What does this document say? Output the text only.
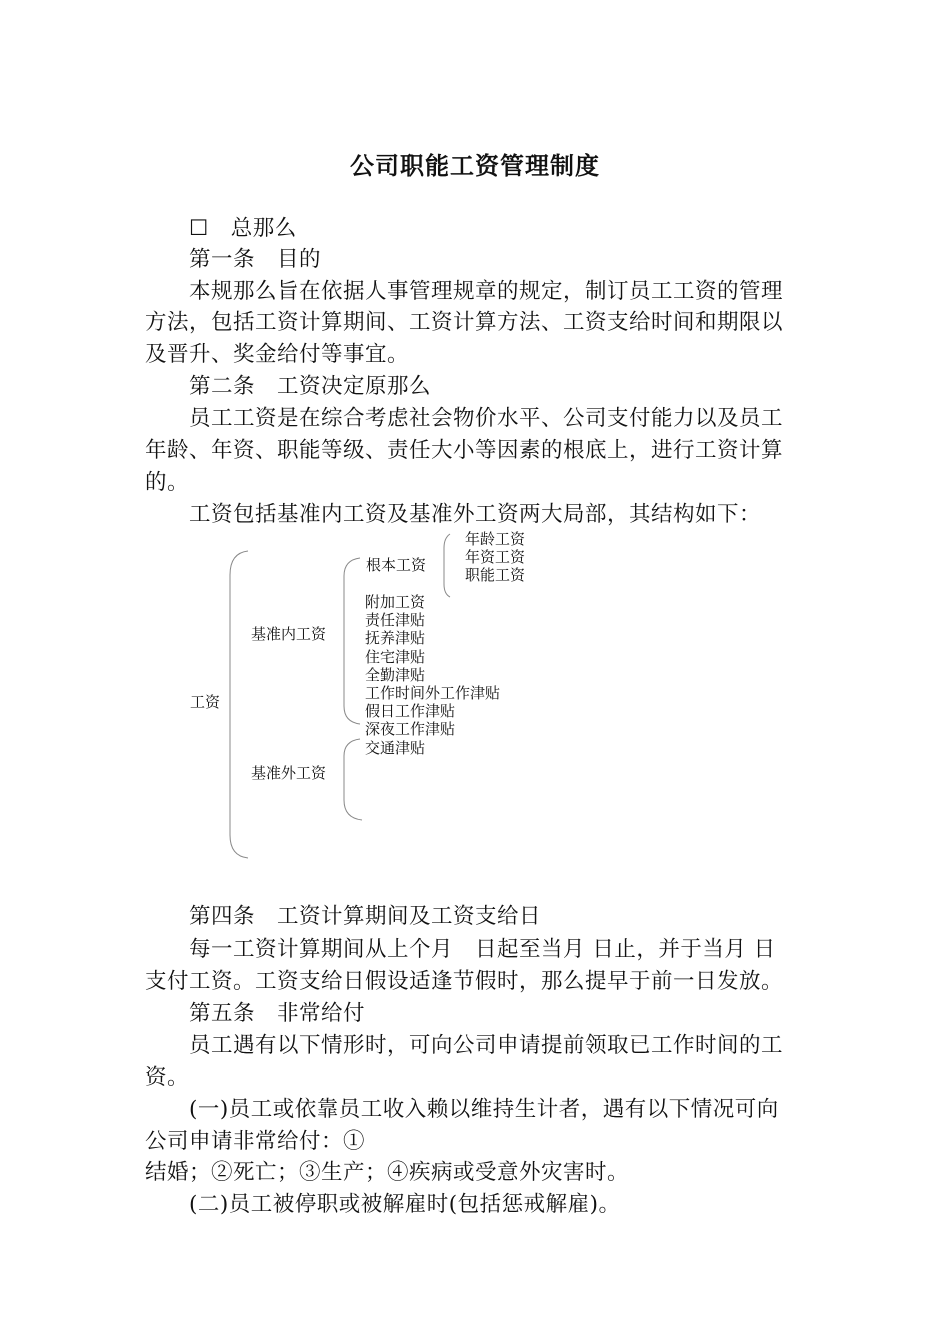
公司职能工资管理制度
☐　总那么
第一条　目的
本规那么旨在依据人事管理规章的规定，制订员工工资的管理
方法，包括工资计算期间、工资计算方法、工资支给时间和期限以
及晋升、奖金给付等事宜。
第二条　工资决定原那么
员工工资是在综合考虑社会物价水平、公司支付能力以及员工
年龄、年资、职能等级、责任大小等因素的根底上，进行工资计算
的。
工资包括基准内工资及基准外工资两大局部，其结构如下：
工资
基准内工资
基准外工资
根本工资
年龄工资
年资工资
职能工资
附加工资
责任津贴
抚养津贴
住宅津贴
全勤津贴
工作时间外工作津贴
假日工作津贴
深夜工作津贴
交通津贴
第四条　工资计算期间及工资支给日
每一工资计算期间从上个月　日起至当月 日止，并于当月 日
支付工资。工资支给日假设适逢节假时，那么提早于前一日发放。
第五条　非常给付
员工遇有以下情形时，可向公司申请提前领取已工作时间的工
资。
(一)员工或依靠员工收入赖以维持生计者，遇有以下情况可向
公司申请非常给付：①
结婚；②死亡；③生产；④疾病或受意外灾害时。
(二)员工被停职或被解雇时(包括惩戒解雇)。
